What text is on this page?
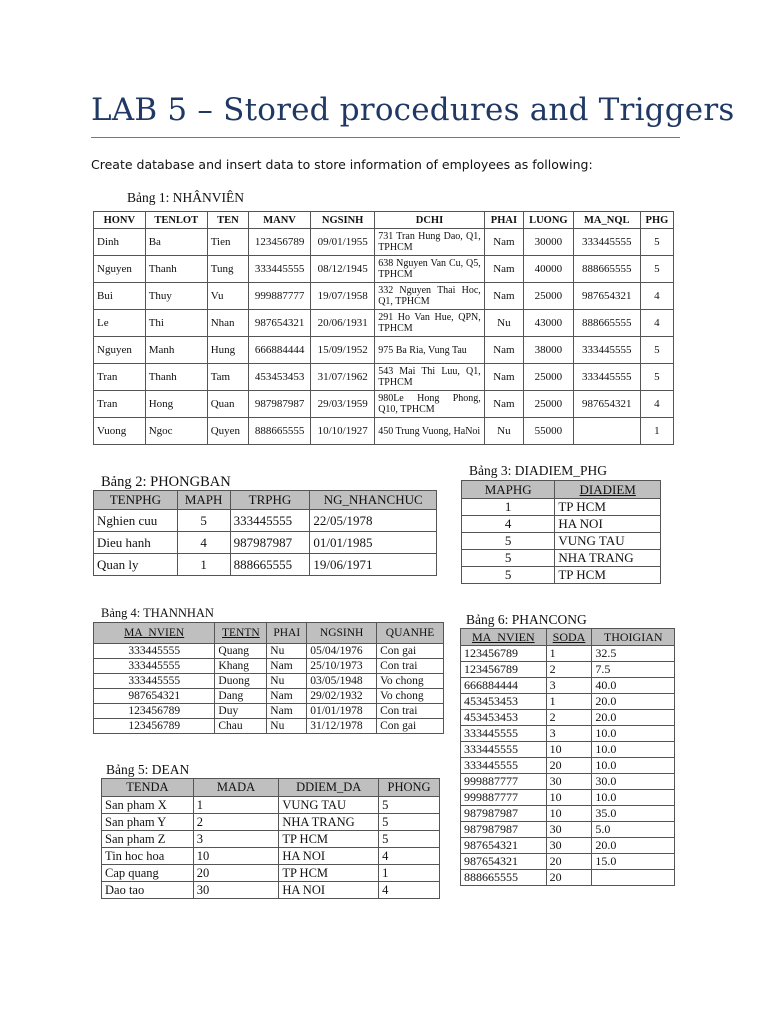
LAB 5 – Stored procedures and Triggers
Create database and insert data to store information of employees as following:
Bảng 1: NHÂNVIÊN
HONV	TENLOT	TEN	MANV	NGSINH	DCHI	PHAI	LUONG	MA_NQL	PHG
Dinh	Ba	Tien	123456789	09/01/1955	731 Tran Hung Dao, Q1, TPHCM	Nam	30000	333445555	5
Nguyen	Thanh	Tung	333445555	08/12/1945	638 Nguyen Van Cu, Q5, TPHCM	Nam	40000	888665555	5
Bui	Thuy	Vu	999887777	19/07/1958	332 Nguyen Thai Hoc, Q1, TPHCM	Nam	25000	987654321	4
Le	Thi	Nhan	987654321	20/06/1931	291 Ho Van Hue, QPN, TPHCM	Nu	43000	888665555	4
Nguyen	Manh	Hung	666884444	15/09/1952	975 Ba Ria, Vung Tau	Nam	38000	333445555	5
Tran	Thanh	Tam	453453453	31/07/1962	543 Mai Thi Luu, Q1, TPHCM	Nam	25000	333445555	5
Tran	Hong	Quan	987987987	29/03/1959	980Le Hong Phong, Q10, TPHCM	Nam	25000	987654321	4
Vuong	Ngoc	Quyen	888665555	10/10/1927	450 Trung Vuong, HaNoi	Nu	55000		1
Bảng 2: PHONGBAN
TENPHG	MAPH	TRPHG	NG_NHANCHUC
Nghien cuu	5	333445555	22/05/1978
Dieu hanh	4	987987987	01/01/1985
Quan ly	1	888665555	19/06/1971
Bảng 3: DIADIEM_PHG
MAPHG	DIADIEM
1	TP HCM
4	HA NOI
5	VUNG TAU
5	NHA TRANG
5	TP HCM
Bảng 4: THANNHAN
MA_NVIEN	TENTN	PHAI	NGSINH	QUANHE
333445555	Quang	Nu	05/04/1976	Con gai
333445555	Khang	Nam	25/10/1973	Con trai
333445555	Duong	Nu	03/05/1948	Vo chong
987654321	Dang	Nam	29/02/1932	Vo chong
123456789	Duy	Nam	01/01/1978	Con trai
123456789	Chau	Nu	31/12/1978	Con gai
Bảng 5: DEAN
TENDA	MADA	DDIEM_DA	PHONG
San pham X	1	VUNG TAU	5
San pham Y	2	NHA TRANG	5
San pham Z	3	TP HCM	5
Tin hoc hoa	10	HA NOI	4
Cap quang	20	TP HCM	1
Dao tao	30	HA NOI	4
Bảng 6: PHANCONG
MA_NVIEN	SODA	THOIGIAN
123456789	1	32.5
123456789	2	7.5
666884444	3	40.0
453453453	1	20.0
453453453	2	20.0
333445555	3	10.0
333445555	10	10.0
333445555	20	10.0
999887777	30	30.0
999887777	10	10.0
987987987	10	35.0
987987987	30	5.0
987654321	30	20.0
987654321	20	15.0
888665555	20	
